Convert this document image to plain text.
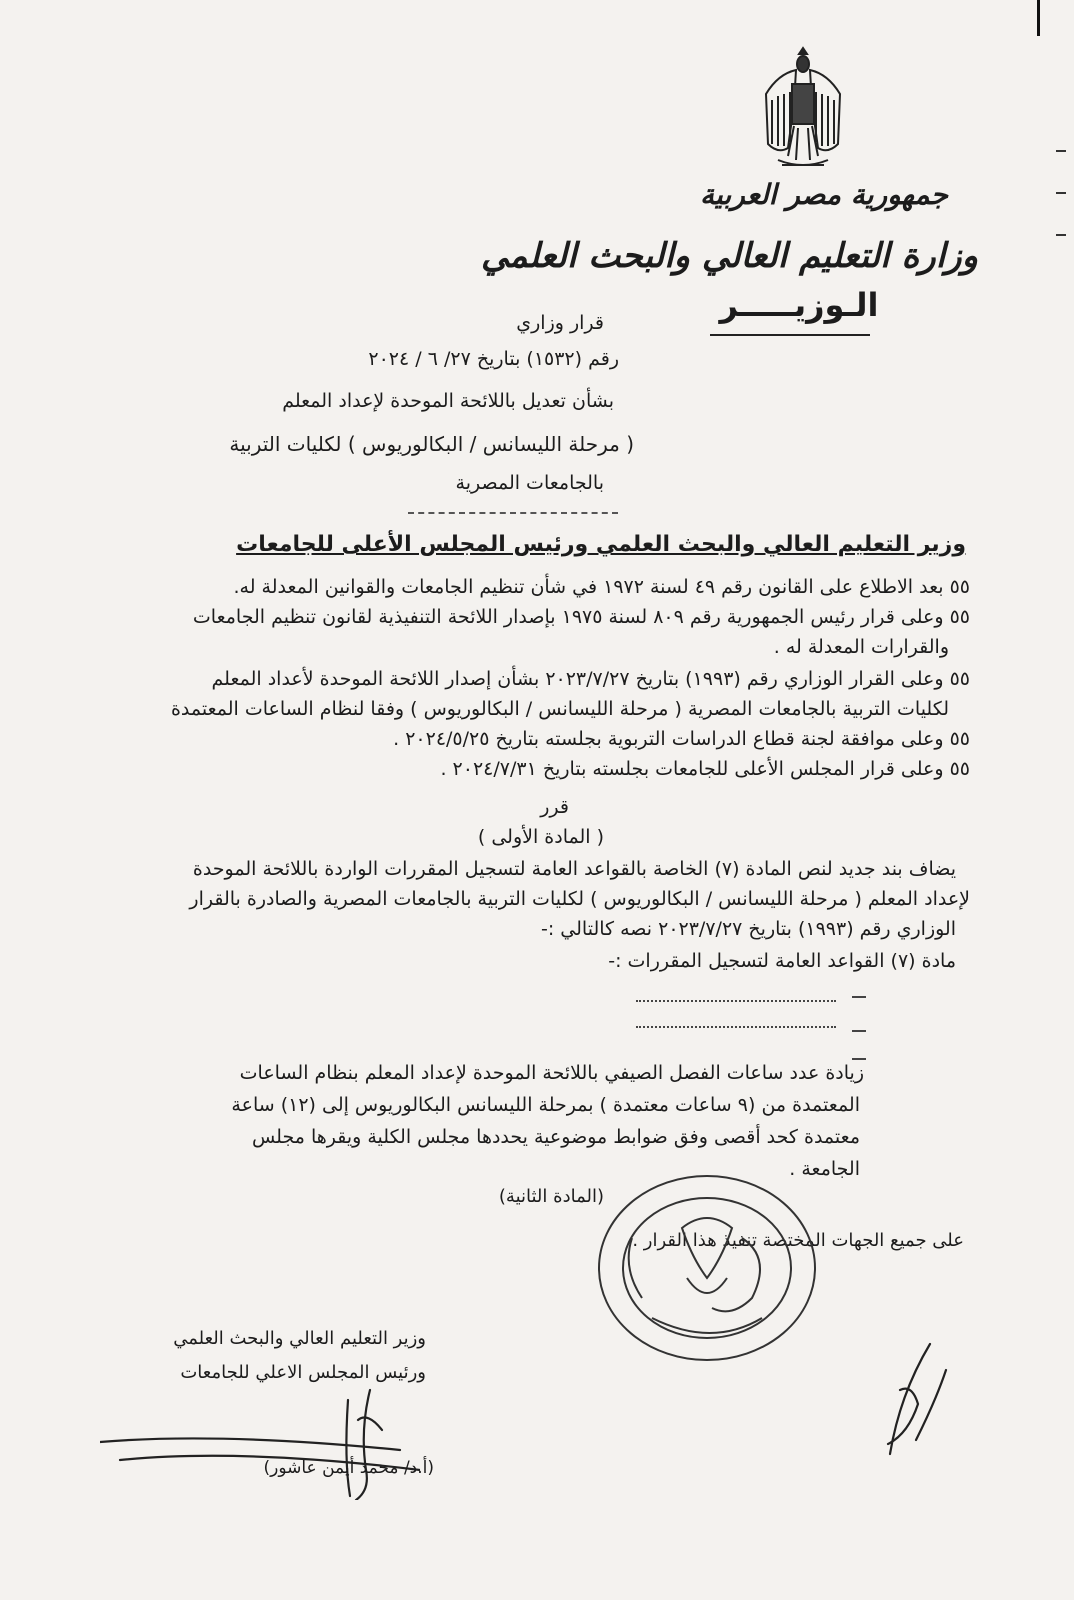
جمهورية مصر العربية
وزارة التعليم العالي والبحث العلمي
الـوزيـــــر
قرار وزاري
رقم (١٥٣٢) بتاريخ ٢٧/ ٦ / ٢٠٢٤
بشأن تعديل باللائحة الموحدة لإعداد المعلم
( مرحلة الليسانس / البكالوريوس ) لكليات التربية
بالجامعات المصرية
وزير التعليم العالي والبحث العلمي ورئيس المجلس الأعلى للجامعات
٥٥ بعد الاطلاع على القانون رقم ٤٩ لسنة ١٩٧٢ في شأن تنظيم الجامعات والقوانين المعدلة له.
٥٥ وعلى قرار رئيس الجمهورية رقم ٨٠٩ لسنة ١٩٧٥ بإصدار اللائحة التنفيذية لقانون تنظيم الجامعات
والقرارات المعدلة له .
٥٥ وعلى القرار الوزاري رقم (١٩٩٣) بتاريخ ٢٠٢٣/٧/٢٧ بشأن إصدار اللائحة الموحدة لأعداد المعلم
لكليات التربية بالجامعات المصرية ( مرحلة الليسانس / البكالوريوس ) وفقا لنظام الساعات المعتمدة
٥٥ وعلى موافقة لجنة قطاع الدراسات التربوية بجلسته بتاريخ ٢٠٢٤/٥/٢٥ .
٥٥ وعلى قرار المجلس الأعلى للجامعات بجلسته بتاريخ ٢٠٢٤/٧/٣١ .
قرر
( المادة الأولى )
يضاف بند جديد لنص المادة (٧) الخاصة بالقواعد العامة لتسجيل المقررات الواردة باللائحة الموحدة
لإعداد المعلم ( مرحلة الليسانس / البكالوريوس ) لكليات التربية بالجامعات المصرية والصادرة بالقرار
الوزاري رقم (١٩٩٣) بتاريخ ٢٠٢٣/٧/٢٧ نصه كالتالي :-
مادة (٧) القواعد العامة لتسجيل المقررات :-
زيادة عدد ساعات الفصل الصيفي باللائحة الموحدة لإعداد المعلم بنظام الساعات
المعتمدة من (٩ ساعات معتمدة ) بمرحلة الليسانس البكالوريوس إلى (١٢) ساعة
معتمدة كحد أقصى وفق ضوابط موضوعية يحددها مجلس الكلية ويقرها مجلس
الجامعة .
(المادة الثانية)
على جميع الجهات المختصة تنفيذ هذا القرار .
وزير التعليم العالي والبحث العلمي
ورئيس المجلس الاعلي للجامعات
(أ.د/ محمد أيمن عاشور)
